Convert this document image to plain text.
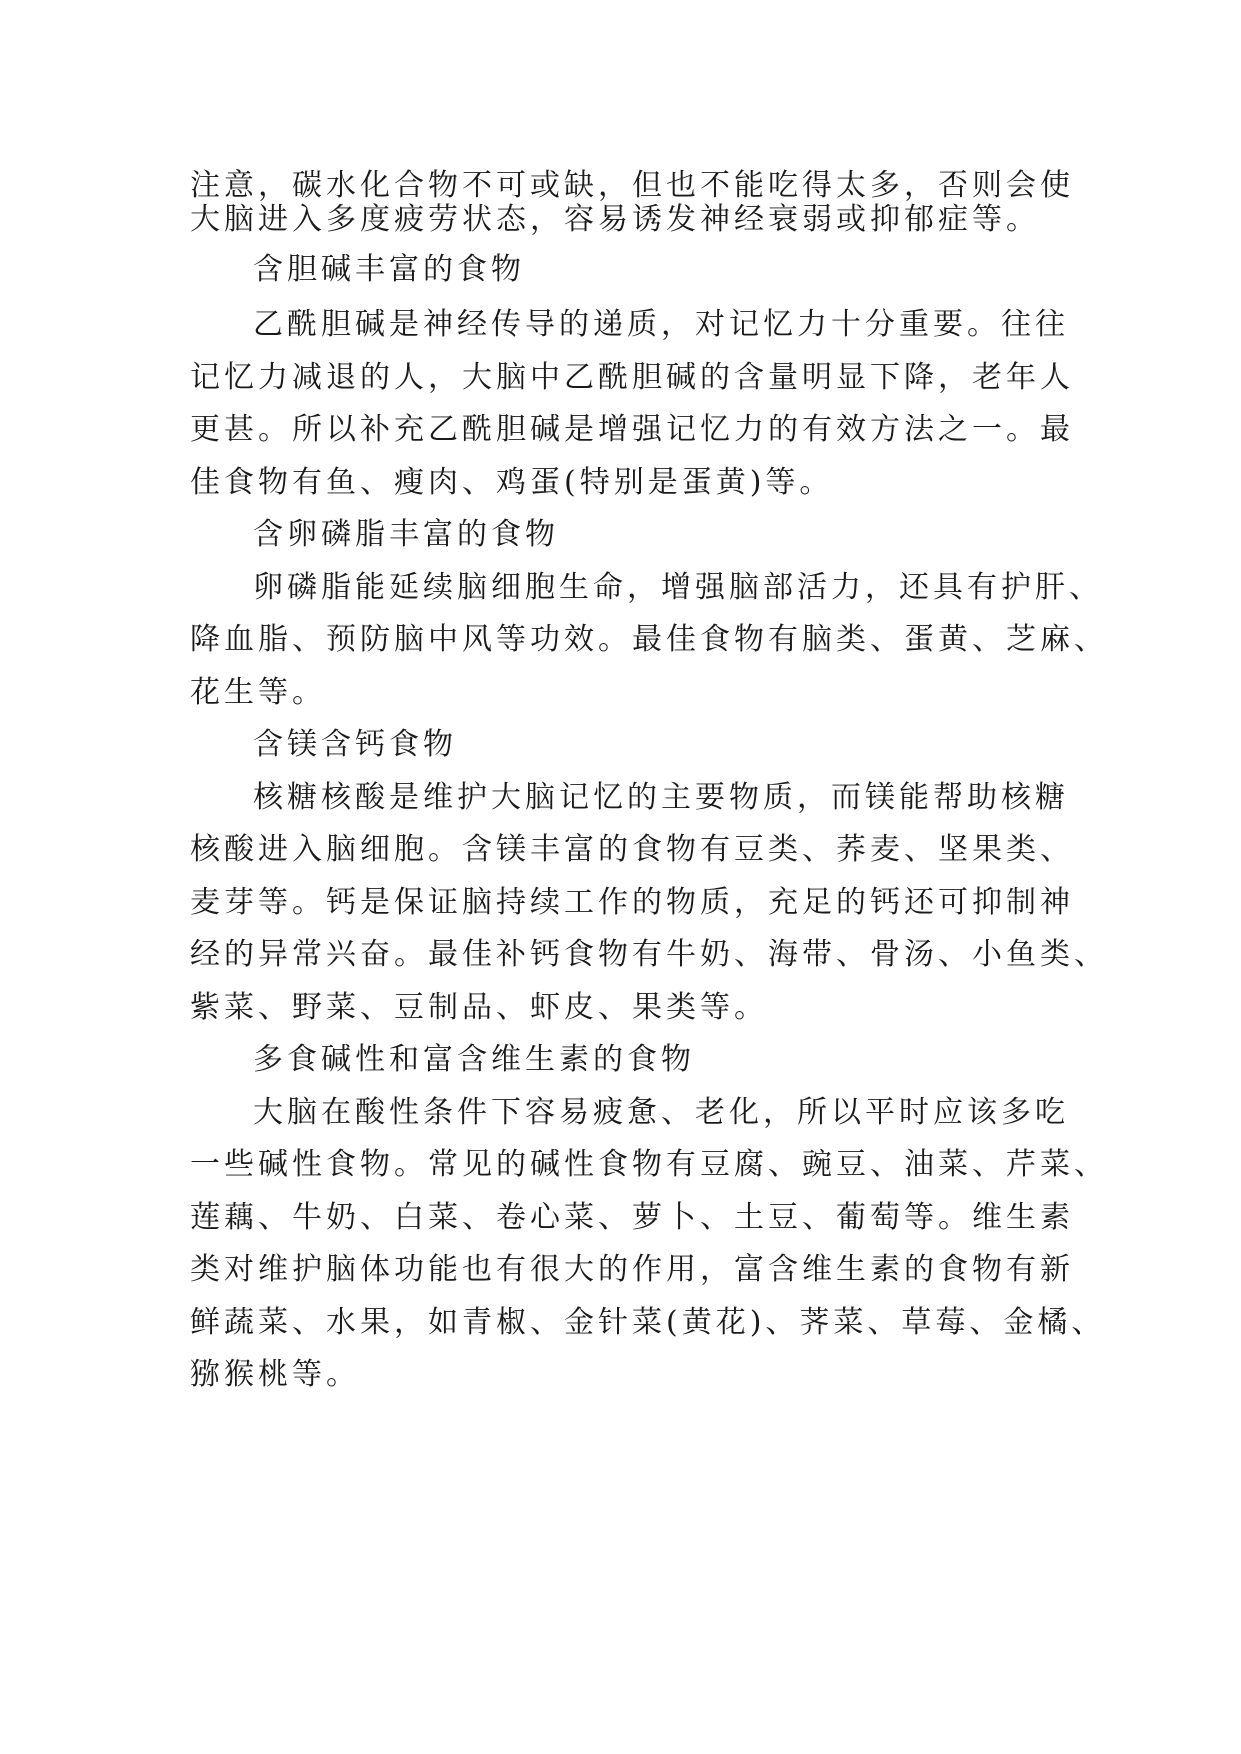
注意，碳水化合物不可或缺，但也不能吃得太多，否则会使
大脑进入多度疲劳状态，容易诱发神经衰弱或抑郁症等。
含胆碱丰富的食物
乙酰胆碱是神经传导的递质，对记忆力十分重要。往往
记忆力减退的人，大脑中乙酰胆碱的含量明显下降，老年人
更甚。所以补充乙酰胆碱是增强记忆力的有效方法之一。最
佳食物有鱼、瘦肉、鸡蛋(特别是蛋黄)等。
含卵磷脂丰富的食物
卵磷脂能延续脑细胞生命，增强脑部活力，还具有护肝、
降血脂、预防脑中风等功效。最佳食物有脑类、蛋黄、芝麻、
花生等。
含镁含钙食物
核糖核酸是维护大脑记忆的主要物质，而镁能帮助核糖
核酸进入脑细胞。含镁丰富的食物有豆类、荞麦、坚果类、
麦芽等。钙是保证脑持续工作的物质，充足的钙还可抑制神
经的异常兴奋。最佳补钙食物有牛奶、海带、骨汤、小鱼类、
紫菜、野菜、豆制品、虾皮、果类等。
多食碱性和富含维生素的食物
大脑在酸性条件下容易疲惫、老化，所以平时应该多吃
一些碱性食物。常见的碱性食物有豆腐、豌豆、油菜、芹菜、
莲藕、牛奶、白菜、卷心菜、萝卜、土豆、葡萄等。维生素
类对维护脑体功能也有很大的作用，富含维生素的食物有新
鲜蔬菜、水果，如青椒、金针菜(黄花)、荠菜、草莓、金橘、
猕猴桃等。
